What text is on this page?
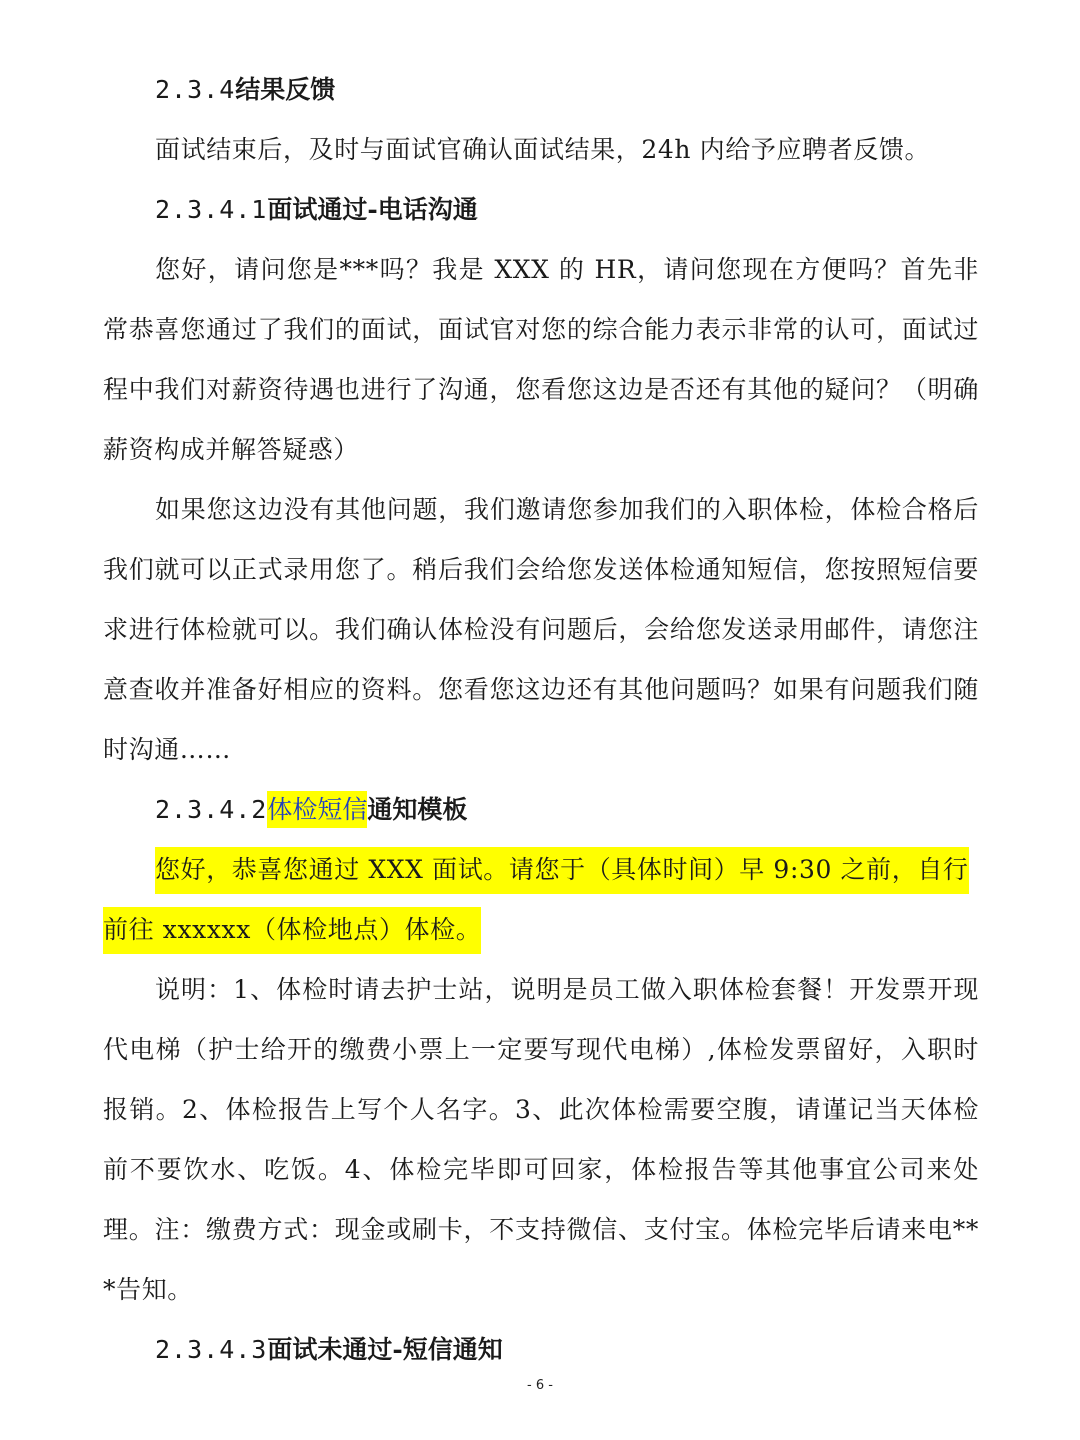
2.3.4结果反馈

面试结束后，及时与面试官确认面试结果，24h 内给予应聘者反馈。

2.3.4.1面试通过-电话沟通

您好，请问您是***吗？我是 XXX 的 HR，请问您现在方便吗？首先非常恭喜您通过了我们的面试，面试官对您的综合能力表示非常的认可，面试过程中我们对薪资待遇也进行了沟通，您看您这边是否还有其他的疑问？（明确薪资构成并解答疑惑）

如果您这边没有其他问题，我们邀请您参加我们的入职体检，体检合格后我们就可以正式录用您了。稍后我们会给您发送体检通知短信，您按照短信要求进行体检就可以。我们确认体检没有问题后，会给您发送录用邮件，请您注意查收并准备好相应的资料。您看您这边还有其他问题吗？如果有问题我们随时沟通……

2.3.4.2体检短信通知模板

您好，恭喜您通过 XXX 面试。请您于（具体时间）早 9:30 之前，自行前往 xxxxxx（体检地点）体检。

说明：1、体检时请去护士站，说明是员工做入职体检套餐！开发票开现代电梯（护士给开的缴费小票上一定要写现代电梯）,体检发票留好，入职时报销。2、体检报告上写个人名字。3、此次体检需要空腹，请谨记当天体检前不要饮水、吃饭。4、体检完毕即可回家，体检报告等其他事宜公司来处理。注：缴费方式：现金或刷卡，不支持微信、支付宝。体检完毕后请来电***告知。

2.3.4.3面试未通过-短信通知

- 6 -
